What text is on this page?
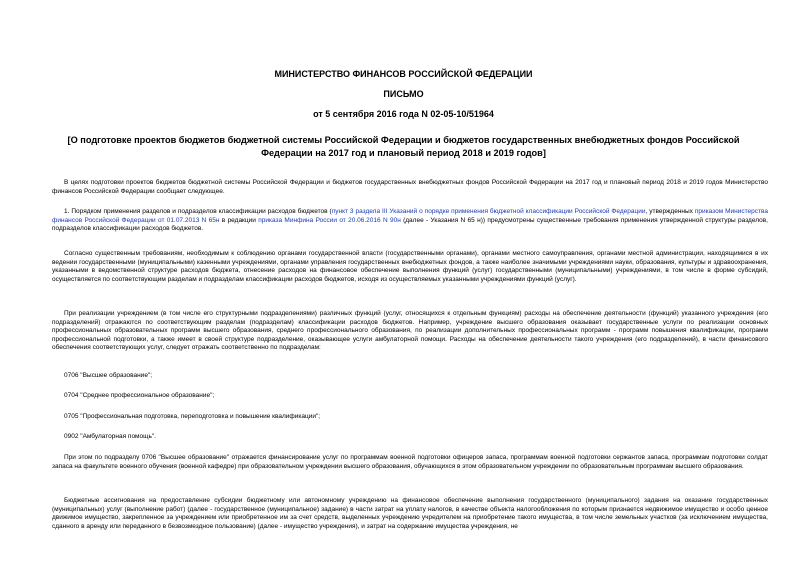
МИНИСТЕРСТВО ФИНАНСОВ РОССИЙСКОЙ ФЕДЕРАЦИИ
ПИСЬМО
от 5 сентября 2016 года N 02-05-10/51964
[О подготовке проектов бюджетов бюджетной системы Российской Федерации и бюджетов государственных внебюджетных фондов Российской Федерации на 2017 год и плановый период 2018 и 2019 годов]

В целях подготовки проектов бюджетов бюджетной системы Российской Федерации и бюджетов государственных внебюджетных фондов Российской Федерации на 2017 год и плановый период 2018 и 2019 годов Министерство финансов Российской Федерации сообщает следующее.

1. Порядком применения разделов и подразделов классификации расходов бюджетов (пункт 3 раздела III Указаний о порядке применения бюджетной классификации Российской Федерации, утвержденных приказом Министерства финансов Российской Федерации от 01.07.2013 N 65н в редакции приказа Минфина России от 20.06.2016 N 90н (далее - Указания N 65 н)) предусмотрены существенные требования применения утвержденной структуры разделов, подразделов классификации расходов бюджетов.

Согласно существенным требованиям, необходимым к соблюдению органами государственной власти (государственными органами), органами местного самоуправления, органами местной администрации, находящимися в их ведении государственными (муниципальными) казенными учреждениями, органами управления государственных внебюджетных фондов, а также наиболее значимыми учреждениями науки, образования, культуры и здравоохранения, указанными в ведомственной структуре расходов бюджета, отнесение расходов на финансовое обеспечение выполнения функций (услуг) государственными (муниципальными) учреждениями, в том числе в форме субсидий, осуществляется по соответствующим разделам и подразделам классификации расходов бюджетов, исходя из осуществляемых указанными учреждениями функций (услуг).

При реализации учреждением (в том числе его структурными подразделениями) различных функций (услуг, относящихся к отдельным функциям) расходы на обеспечение деятельности (функций) указанного учреждения (его подразделений) отражаются по соответствующим разделам (подразделам) классификации расходов бюджетов. Например, учреждение высшего образования оказывает государственные услуги по реализации основных профессиональных образовательных программ высшего образования, среднего профессионального образования, по реализации дополнительных профессиональных программ - программ повышения квалификации, программ профессиональной подготовки, а также имеет в своей структуре подразделение, оказывающее услуги амбулаторной помощи. Расходы на обеспечение деятельности такого учреждения (его подразделений), в части финансового обеспечения соответствующих услуг, следует отражать соответственно по подразделам:

0706 "Высшее образование";

0704 "Среднее профессиональное образование";

0705 "Профессиональная подготовка, переподготовка и повышение квалификации";

0902 "Амбулаторная помощь".

При этом по подразделу 0706 "Высшее образование" отражается финансирование услуг по программам военной подготовки офицеров запаса, программам военной подготовки сержантов запаса, программам подготовки солдат запаса на факультете военного обучения (военной кафедре) при образовательном учреждении высшего образования, обучающихся в этом образовательном учреждении по образовательным программам высшего образования.

Бюджетные ассигнования на предоставление субсидии бюджетному или автономному учреждению на финансовое обеспечение выполнения государственного (муниципального) задания на оказание государственных (муниципальных) услуг (выполнение работ) (далее - государственное (муниципальное) задание) в части затрат на уплату налогов, в качестве объекта налогообложения по которым признается недвижимое имущество и особо ценное движимое имущество, закрепленное за учреждением или приобретенное им за счет средств, выделенных учреждению учредителем на приобретение такого имущества, в том числе земельных участков (за исключением имущества, сданного в аренду или переданного в безвозмездное пользование) (далее - имущество учреждения), и затрат на содержание имущества учреждения, не
